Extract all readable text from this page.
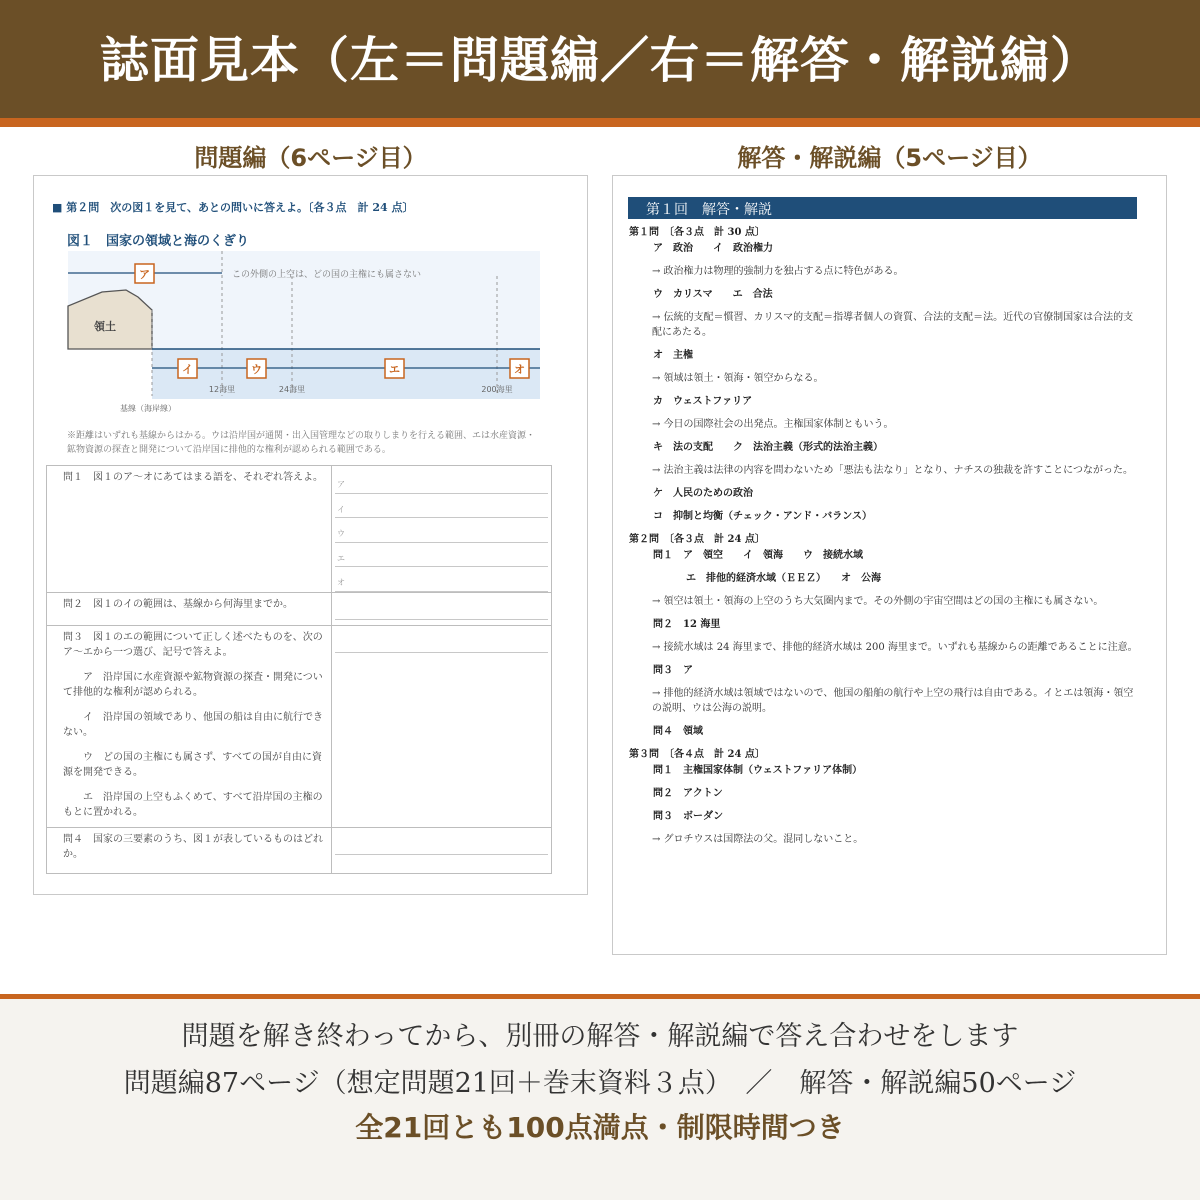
誌面見本（左＝問題編／右＝解答・解説編）
問題編（6ページ目）	解答・解説編（5ページ目）
■ 第２問　次の図１を見て、あとの問いに答えよ。〔各３点　計 24 点〕
図１　国家の領域と海のくぎり
ア	この外側の上空は、どの国の主権にも属さない
領土
イ	ウ	エ	オ
12海里	24海里	200海里
基線（海岸線）
※距離はいずれも基線からはかる。ウは沿岸国が通関・出入国管理などの取りしまりを行える範囲、エは水産資源・鉱物資源の探査と開発について沿岸国に排他的な権利が認められる範囲である。
問１　図１のア〜オにあてはまる語を、それぞれ答えよ。	ア
イ
ウ
エ
オ

問２　図１のイの範囲は、基線から何海里までか。	

問３　図１のエの範囲について正しく述べたものを、次のア〜エから一つ選び、記号で答えよ。
ア　沿岸国に水産資源や鉱物資源の探査・開発について排他的な権利が認められる。
イ　沿岸国の領域であり、他国の船は自由に航行できない。
ウ　どの国の主権にも属さず、すべての国が自由に資源を開発できる。
エ　沿岸国の上空もふくめて、すべて沿岸国の主権のもとに置かれる。	

問４　国家の三要素のうち、図１が表しているものはどれか。	
第１回　解答・解説
第１問　〔各３点　計 30 点〕
ア　政治　　イ　政治権力
→ 政治権力は物理的強制力を独占する点に特色がある。
ウ　カリスマ　　エ　合法
→ 伝統的支配＝慣習、カリスマ的支配＝指導者個人の資質、合法的支配＝法。近代の官僚制国家は合法的支配にあたる。
オ　主権
→ 領域は領土・領海・領空からなる。
カ　ウェストファリア
→ 今日の国際社会の出発点。主権国家体制ともいう。
キ　法の支配　　ク　法治主義（形式的法治主義）
→ 法治主義は法律の内容を問わないため「悪法も法なり」となり、ナチスの独裁を許すことにつながった。
ケ　人民のための政治
コ　抑制と均衡（チェック・アンド・バランス）
第２問　〔各３点　計 24 点〕
問１　ア　領空　　イ　領海　　ウ　接続水域
エ　排他的経済水域（ＥＥＺ）　　オ　公海
→ 領空は領土・領海の上空のうち大気圏内まで。その外側の宇宙空間はどの国の主権にも属さない。
問２　12 海里
→ 接続水域は 24 海里まで、排他的経済水域は 200 海里まで。いずれも基線からの距離であることに注意。
問３　ア
→ 排他的経済水域は領域ではないので、他国の船舶の航行や上空の飛行は自由である。イとエは領海・領空の説明、ウは公海の説明。
問４　領域
第３問　〔各４点　計 24 点〕
問１　主権国家体制（ウェストファリア体制）
問２　アクトン
問３　ボーダン
→ グロチウスは国際法の父。混同しないこと。
問題を解き終わってから、別冊の解答・解説編で答え合わせをします
問題編87ページ（想定問題21回＋巻末資料３点）　／　解答・解説編50ページ
全21回とも100点満点・制限時間つき
